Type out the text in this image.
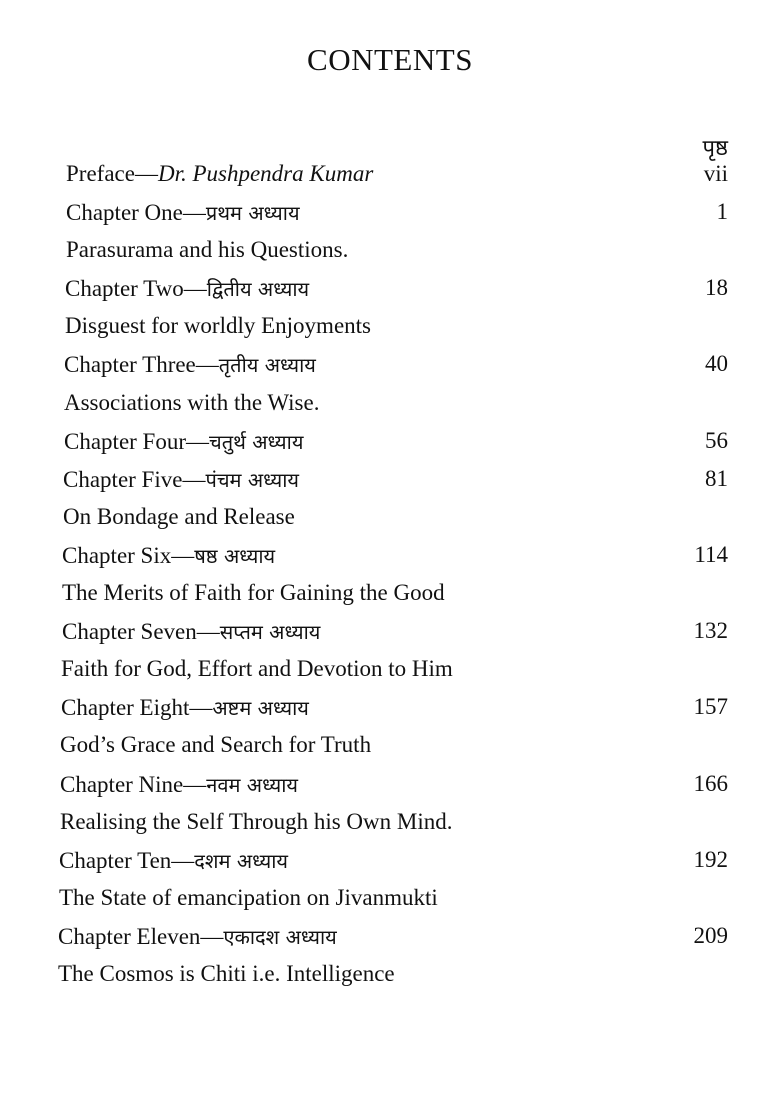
CONTENTS
पृष्ठ
Preface—Dr. Pushpendra Kumar	vii
Chapter One—प्रथम अध्याय	1
Parasurama and his Questions.
Chapter Two—द्वितीय अध्याय	18
Disguest for worldly Enjoyments
Chapter Three—तृतीय अध्याय	40
Associations with the Wise.
Chapter Four—चतुर्थ अध्याय	56
Chapter Five—पंचम अध्याय	81
On Bondage and Release
Chapter Six—षष्ठ अध्याय	114
The Merits of Faith for Gaining the Good
Chapter Seven—सप्तम अध्याय	132
Faith for God, Effort and Devotion to Him
Chapter Eight—अष्टम अध्याय	157
God’s Grace and Search for Truth
Chapter Nine—नवम अध्याय	166
Realising the Self Through his Own Mind.
Chapter Ten—दशम अध्याय	192
The State of emancipation on Jivanmukti
Chapter Eleven—एकादश अध्याय	209
The Cosmos is Chiti i.e. Intelligence
